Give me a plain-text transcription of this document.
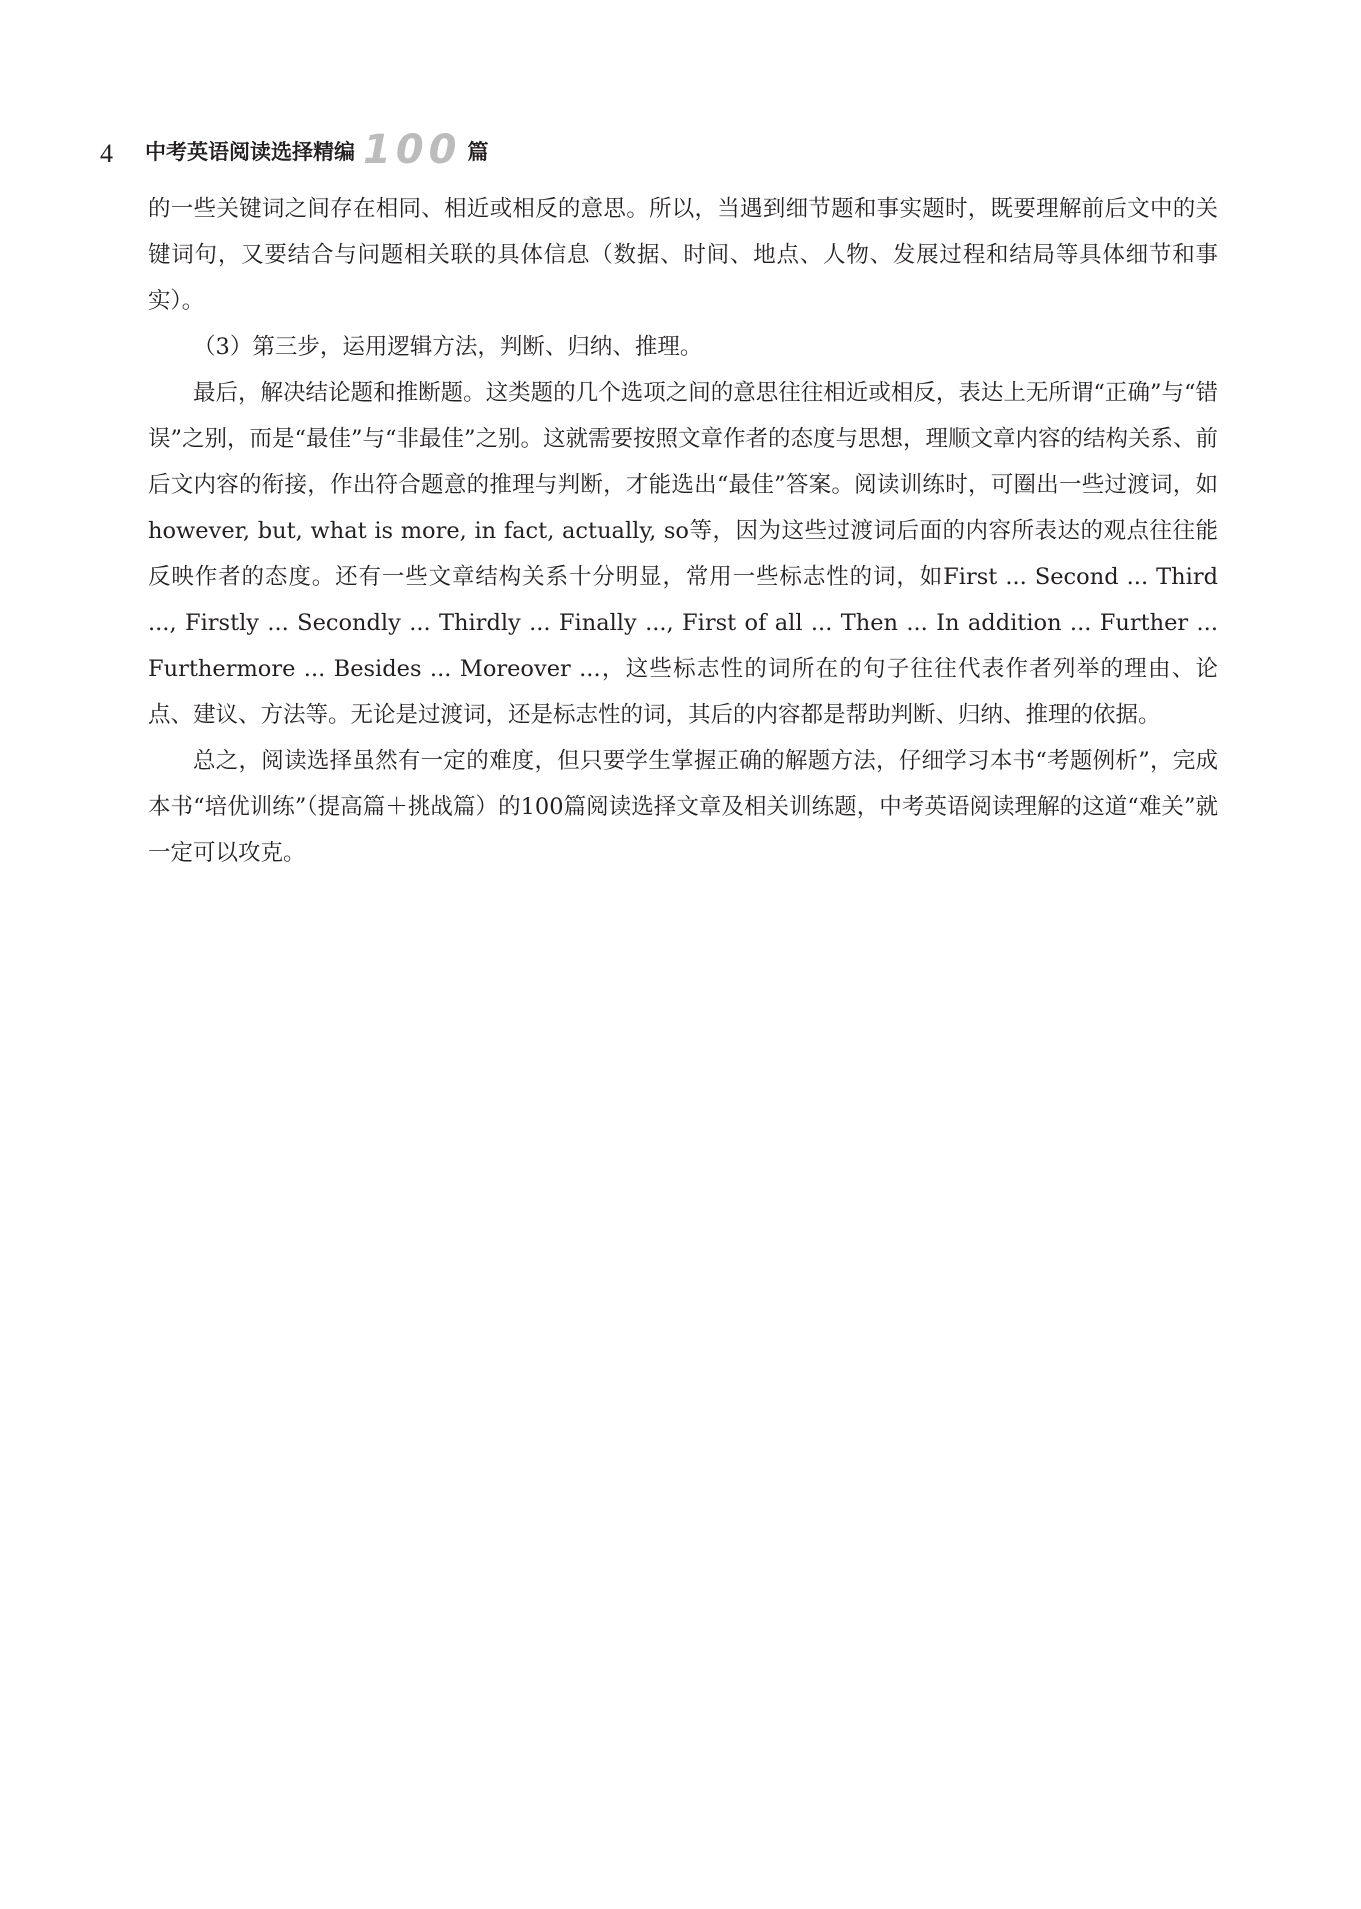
4 中考英语阅读选择精编 100 篇

的一些关键词之间存在相同、相近或相反的意思。所以，当遇到细节题和事实题时，既要理解前后文中的关键词句，又要结合与问题相关联的具体信息（数据、时间、地点、人物、发展过程和结局等具体细节和事实）。

（3）第三步，运用逻辑方法，判断、归纳、推理。

最后，解决结论题和推断题。这类题的几个选项之间的意思往往相近或相反，表达上无所谓“正确”与“错误”之别，而是“最佳”与“非最佳”之别。这就需要按照文章作者的态度与思想，理顺文章内容的结构关系、前后文内容的衔接，作出符合题意的推理与判断，才能选出“最佳”答案。阅读训练时，可圈出一些过渡词，如however, but, what is more, in fact, actually, so等，因为这些过渡词后面的内容所表达的观点往往能反映作者的态度。还有一些文章结构关系十分明显，常用一些标志性的词，如First ... Second ... Third ..., Firstly ... Secondly ... Thirdly ... Finally ..., First of all ... Then ... In addition ... Further ... Furthermore ... Besides ... Moreover ...，这些标志性的词所在的句子往往代表作者列举的理由、论点、建议、方法等。无论是过渡词，还是标志性的词，其后的内容都是帮助判断、归纳、推理的依据。

总之，阅读选择虽然有一定的难度，但只要学生掌握正确的解题方法，仔细学习本书“考题例析”，完成本书“培优训练”（提高篇＋挑战篇）的100篇阅读选择文章及相关训练题，中考英语阅读理解的这道“难关”就一定可以攻克。
